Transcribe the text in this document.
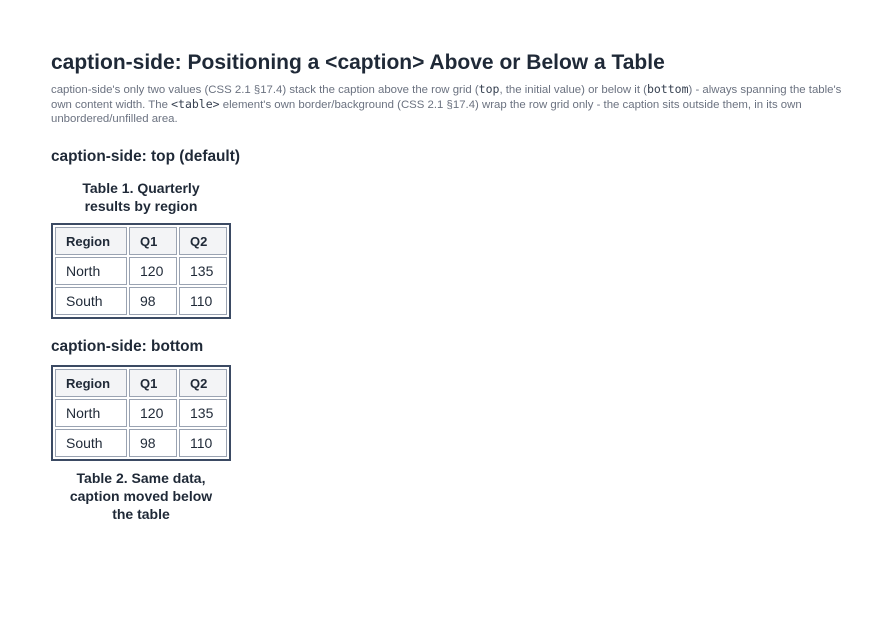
caption-side: Positioning a <caption> Above or Below a Table

caption-side's only two values (CSS 2.1 §17.4) stack the caption above the row grid (top, the initial value) or below it (bottom) - always spanning the table's own content width. The <table> element's own border/background (CSS 2.1 §17.4) wrap the row grid only - the caption sits outside them, in its own unbordered/unfilled area.

caption-side: top (default)
Table 1. Quarterly results by region
Region	Q1	Q2
North	120	135
South	98	110
caption-side: bottom
Region	Q1	Q2
North	120	135
South	98	110
Table 2. Same data, caption moved below the table
